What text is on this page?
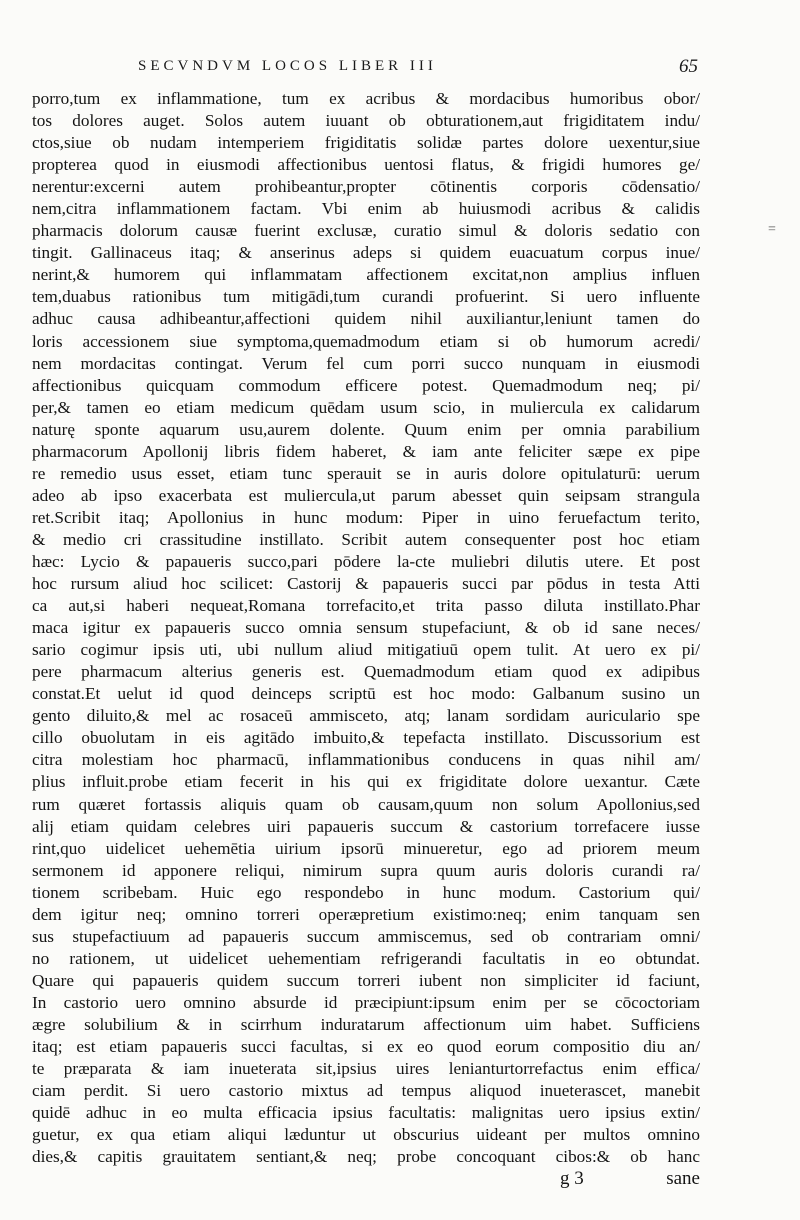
SECVNDVM LOCOS LIBER III	65
=
porro,tum ex inflammatione, tum ex acribus & mordacibus humoribus obor/
tos dolores auget. Solos autem iuuant ob obturationem,aut frigiditatem indu/
ctos,siue ob nudam intemperiem frigiditatis solidæ partes dolore uexentur,siue
propterea quod in eiusmodi affectionibus uentosi flatus, & frigidi humores ge/
nerentur:excerni autem prohibeantur,propter cōtinentis corporis cōdensatio/
nem,citra inflammationem factam. Vbi enim ab huiusmodi acribus & calidis
pharmacis dolorum causæ fuerint exclusæ, curatio simul & doloris sedatio con
tingit. Gallinaceus itaq; & anserinus adeps si quidem euacuatum corpus inue/
nerint,& humorem qui inflammatam affectionem excitat,non amplius influen
tem,duabus rationibus tum mitigādi,tum curandi profuerint. Si uero influente
adhuc causa adhibeantur,affectioni quidem nihil auxiliantur,leniunt tamen do
loris accessionem siue symptoma,quemadmodum etiam si ob humorum acredi/
nem mordacitas contingat. Verum fel cum porri succo nunquam in eiusmodi
affectionibus quicquam commodum efficere potest. Quemadmodum neq; pi/
per,& tamen eo etiam medicum quēdam usum scio, in muliercula ex calidarum
naturę sponte aquarum usu,aurem dolente. Quum enim per omnia parabilium
pharmacorum Apollonij libris fidem haberet, & iam ante feliciter sæpe ex pipe
re remedio usus esset, etiam tunc sperauit se in auris dolore opitulaturū: uerum
adeo ab ipso exacerbata est muliercula,ut parum abesset quin seipsam strangula
ret.Scribit itaq; Apollonius in hunc modum: Piper in uino feruefactum terito,
& medio cri crassitudine instillato. Scribit autem consequenter post hoc etiam
hæc: Lycio & papaueris succo,pari pōdere la-cte muliebri dilutis utere. Et post
hoc rursum aliud hoc scilicet: Castorij & papaueris succi par pōdus in testa Atti
ca aut,si haberi nequeat,Romana torrefacito,et trita passo diluta instillato.Phar
maca igitur ex papaueris succo omnia sensum stupefaciunt, & ob id sane neces/
sario cogimur ipsis uti, ubi nullum aliud mitigatiuū opem tulit. At uero ex pi/
pere pharmacum alterius generis est. Quemadmodum etiam quod ex adipibus
constat.Et uelut id quod deinceps scriptū est hoc modo: Galbanum susino un
gento diluito,& mel ac rosaceū ammisceto, atq; lanam sordidam auriculario spe
cillo obuolutam in eis agitādo imbuito,& tepefacta instillato. Discussorium est
citra molestiam hoc pharmacū, inflammationibus conducens in quas nihil am/
plius influit.probe etiam fecerit in his qui ex frigiditate dolore uexantur. Cæte
rum quæret fortassis aliquis quam ob causam,quum non solum Apollonius,sed
alij etiam quidam celebres uiri papaueris succum & castorium torrefacere iusse
rint,quo uidelicet uehemētia uirium ipsorū minueretur, ego ad priorem meum
sermonem id apponere reliqui, nimirum supra quum auris doloris curandi ra/
tionem scribebam. Huic ego respondebo in hunc modum. Castorium qui/
dem igitur neq; omnino torreri operæpretium existimo:neq; enim tanquam sen
sus stupefactiuum ad papaueris succum ammiscemus, sed ob contrariam omni/
no rationem, ut uidelicet uehementiam refrigerandi facultatis in eo obtundat.
Quare qui papaueris quidem succum torreri iubent non simpliciter id faciunt,
In castorio uero omnino absurde id præcipiunt:ipsum enim per se cōcoctoriam
ægre solubilium & in scirrhum induratarum affectionum uim habet. Sufficiens
itaq; est etiam papaueris succi facultas, si ex eo quod eorum compositio diu an/
te præparata & iam inueterata sit,ipsius uires lenianturtorrefactus enim effica/
ciam perdit. Si uero castorio mixtus ad tempus aliquod inueterascet, manebit
quidē adhuc in eo multa efficacia ipsius facultatis: malignitas uero ipsius extin/
guetur, ex qua etiam aliqui læduntur ut obscurius uideant per multos omnino
dies,& capitis grauitatem sentiant,& neq; probe concoquant cibos:& ob hanc
g 3	sane
